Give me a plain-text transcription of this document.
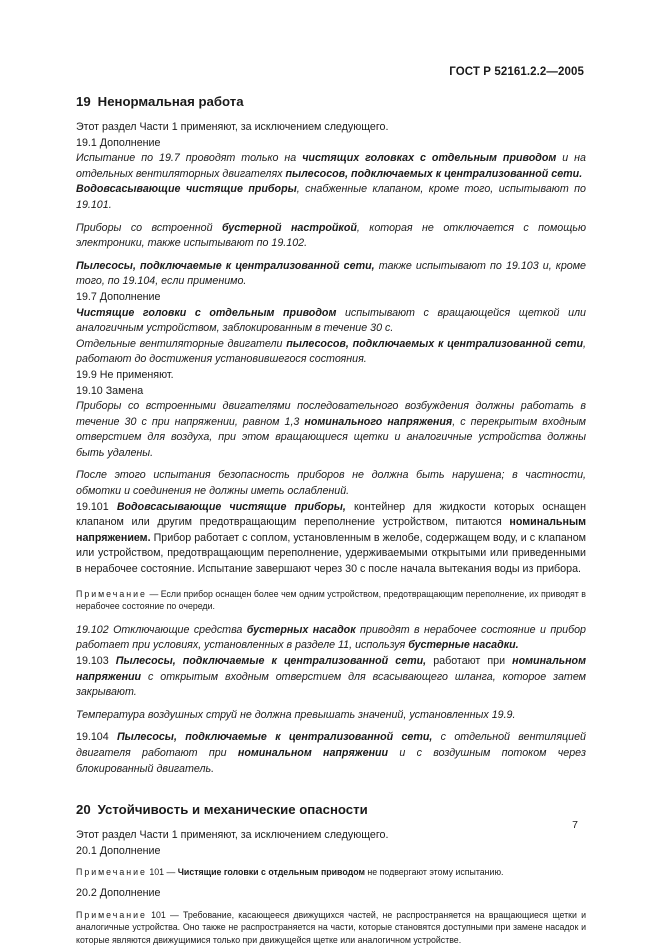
ГОСТ Р 52161.2.2—2005
19 Ненормальная работа

Этот раздел Части 1 применяют, за исключением следующего.

19.1 Дополнение

Испытание по 19.7 проводят только на чистящих головках с отдельным приводом и на отдельных вентиляторных двигателях пылесосов, подключаемых к централизованной сети.

Водовсасывающие чистящие приборы, снабженные клапаном, кроме того, испытывают по 19.101.

Приборы со встроенной бустерной настройкой, которая не отключается с помощью электроники, также испытывают по 19.102.

Пылесосы, подключаемые к централизованной сети, также испытывают по 19.103 и, кроме того, по 19.104, если применимо.

19.7 Дополнение

Чистящие головки с отдельным приводом испытывают с вращающейся щеткой или аналогичным устройством, заблокированным в течение 30 с.

Отдельные вентиляторные двигатели пылесосов, подключаемых к централизованной сети, работают до достижения установившегося состояния.

19.9 Не применяют.

19.10 Замена

Приборы со встроенными двигателями последовательного возбуждения должны работать в течение 30 с при напряжении, равном 1,3 номинального напряжения, с перекрытым входным отверстием для воздуха, при этом вращающиеся щетки и аналогичные устройства должны быть удалены.

После этого испытания безопасность приборов не должна быть нарушена; в частности, обмотки и соединения не должны иметь ослаблений.

19.101 Водовсасывающие чистящие приборы, контейнер для жидкости которых оснащен клапаном или другим предотвращающим переполнение устройством, питаются номинальным напряжением. Прибор работает с соплом, установленным в желобе, содержащем воду, и с клапаном или устройством, предотвращающим переполнение, удерживаемыми открытыми или приведенными в нерабочее состояние. Испытание завершают через 30 с после начала вытекания воды из прибора.

Примечание — Если прибор оснащен более чем одним устройством, предотвращающим переполнение, их приводят в нерабочее состояние по очереди.

19.102 Отключающие средства бустерных насадок приводят в нерабочее состояние и прибор работает при условиях, установленных в разделе 11, используя бустерные насадки.

19.103 Пылесосы, подключаемые к централизованной сети, работают при номинальном напряжении с открытым входным отверстием для всасывающего шланга, которое затем закрывают.

Температура воздушных струй не должна превышать значений, установленных 19.9.

19.104 Пылесосы, подключаемые к централизованной сети, с отдельной вентиляцией двигателя работают при номинальном напряжении и с воздушным потоком через блокированный двигатель.

20 Устойчивость и механические опасности

Этот раздел Части 1 применяют, за исключением следующего.

20.1 Дополнение

Примечание 101 — Чистящие головки с отдельным приводом не подвергают этому испытанию.

20.2 Дополнение

Примечание 101 — Требование, касающееся движущихся частей, не распространяется на вращающиеся щетки и аналогичные устройства. Оно также не распространяется на части, которые становятся доступными при замене насадок и которые являются движущимися только при движущейся щетке или аналогичном устройстве.

7
